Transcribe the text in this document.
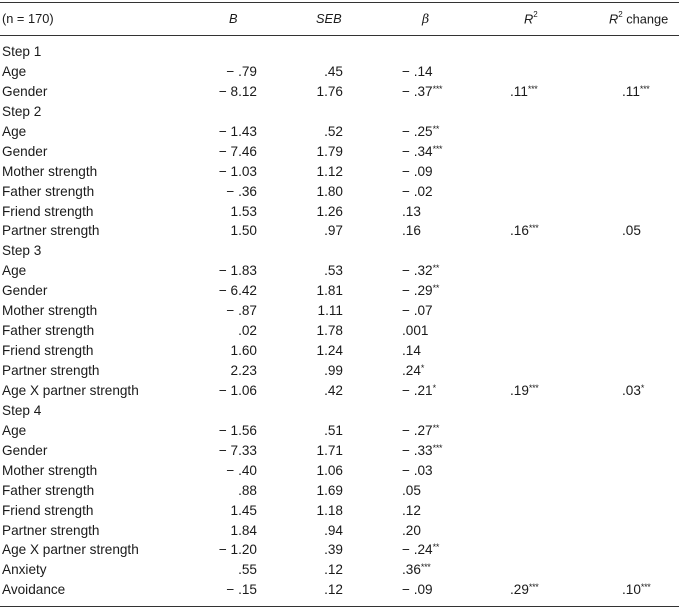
(n = 170)	B	SEB	β	$R^2$	$R^2$ change
Step 1
Age	− .79	.45	− .14
Gender	− 8.12	1.76	− .37***	.11***	.11***
Step 2
Age	− 1.43	.52	− .25**
Gender	− 7.46	1.79	− .34***
Mother strength	− 1.03	1.12	− .09
Father strength	− .36	1.80	− .02
Friend strength	1.53	1.26	.13
Partner strength	1.50	.97	.16	.16***	.05
Step 3
Age	− 1.83	.53	− .32**
Gender	− 6.42	1.81	− .29**
Mother strength	− .87	1.11	− .07
Father strength	.02	1.78	.001
Friend strength	1.60	1.24	.14
Partner strength	2.23	.99	.24*
Age X partner strength	− 1.06	.42	− .21*	.19***	.03*
Step 4
Age	− 1.56	.51	− .27**
Gender	− 7.33	1.71	− .33***
Mother strength	− .40	1.06	− .03
Father strength	.88	1.69	.05
Friend strength	1.45	1.18	.12
Partner strength	1.84	.94	.20
Age X partner strength	− 1.20	.39	− .24**
Anxiety	.55	.12	.36***
Avoidance	− .15	.12	− .09	.29***	.10***
